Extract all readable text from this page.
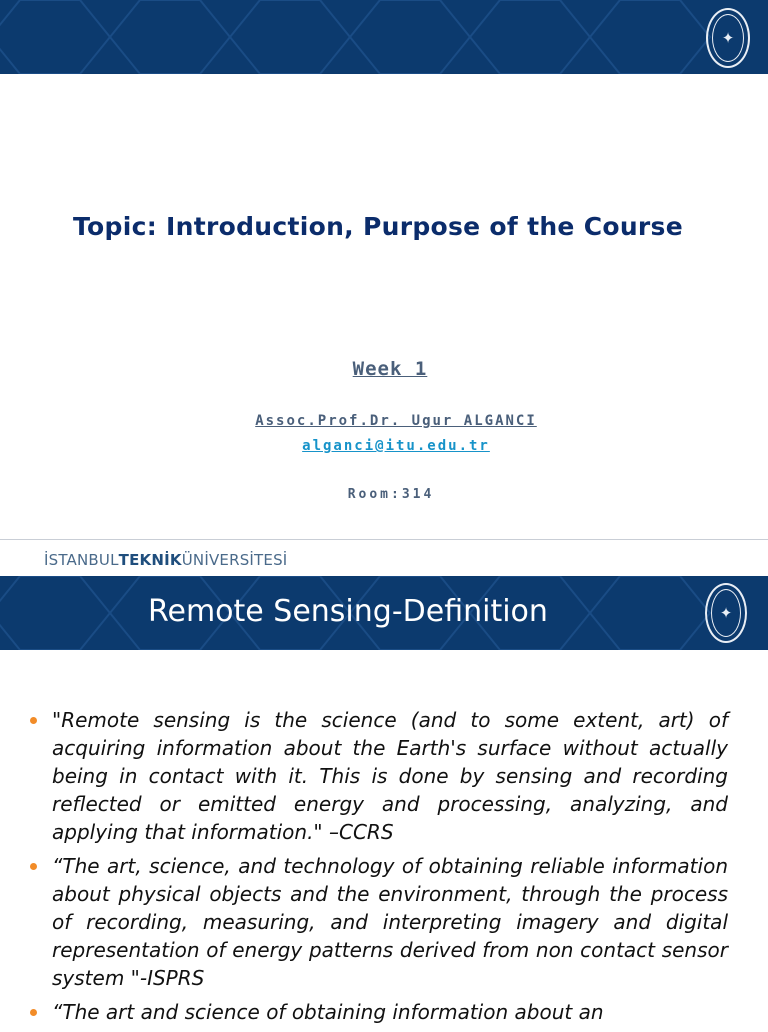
✦
Topic: Introduction, Purpose of the Course
Week 1
Assoc.Prof.Dr. Ugur ALGANCI
alganci@itu.edu.tr
Room:314
İSTANBULTEKNİKÜNİVERSİTESİ
✦
Remote Sensing-Definition
"Remote sensing is the science (and to some extent, art) of acquiring information about the Earth's surface without actually being in contact with it. This is done by sensing and recording reflected or emitted energy and processing, analyzing, and applying that information." –CCRS
“The art, science, and technology of obtaining reliable information about physical objects and the environment, through the process of recording, measuring, and interpreting imagery and digital representation of energy patterns derived from non contact sensor system "-ISPRS
“The art and science of obtaining information about an
